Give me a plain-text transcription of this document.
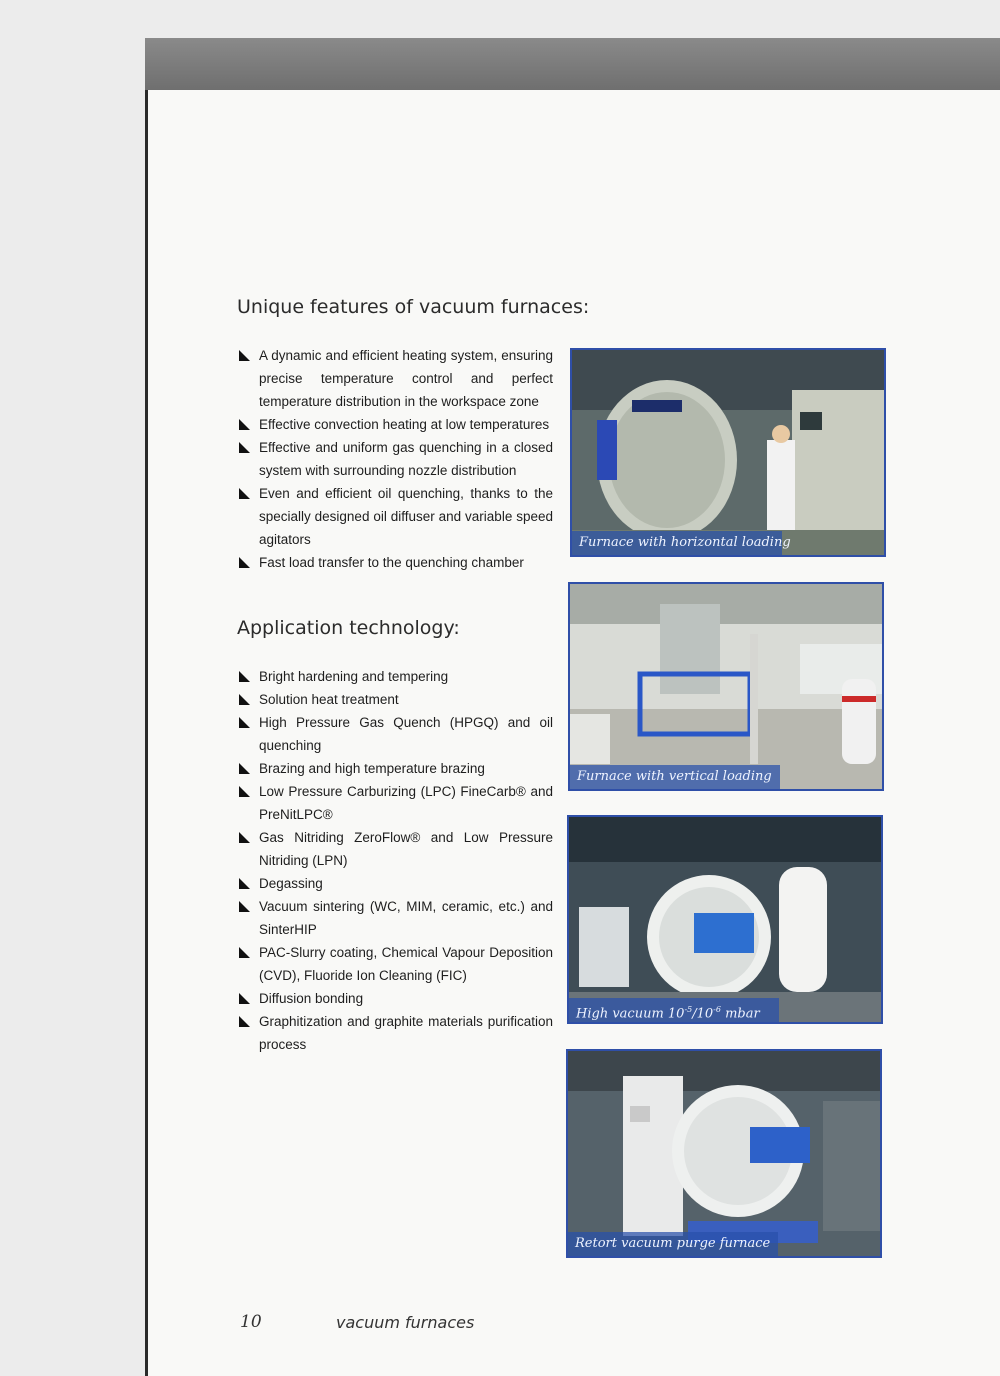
Unique features of vacuum furnaces:
A dynamic and efficient heating system, ensuring precise temperature control and perfect temperature distribution in the workspace zone
Effective convection heating at low temperatures
Effective and uniform gas quenching in a closed system with surrounding nozzle distribution
Even and efficient oil quenching, thanks to the specially designed oil diffuser and variable speed agitators
Fast load transfer to the quenching chamber
Application technology:
Bright hardening and tempering
Solution heat treatment
High Pressure Gas Quench (HPGQ) and oil quenching
Brazing and high temperature brazing
Low Pressure Carburizing (LPC) FineCarb® and PreNitLPC®
Gas Nitriding ZeroFlow® and Low Pressure Nitriding (LPN)
Degassing
Vacuum sintering (WC, MIM, ceramic, etc.) and SinterHIP
PAC-Slurry coating, Chemical Vapour Deposition (CVD), Fluoride Ion Cleaning (FIC)
Diffusion bonding
Graphitization and graphite materials purification process
Furnace with horizontal loading
Furnace with vertical loading
High vacuum $10^{-5}/10^{-6}$ mbar
Retort vacuum purge furnace
10	vacuum furnaces
